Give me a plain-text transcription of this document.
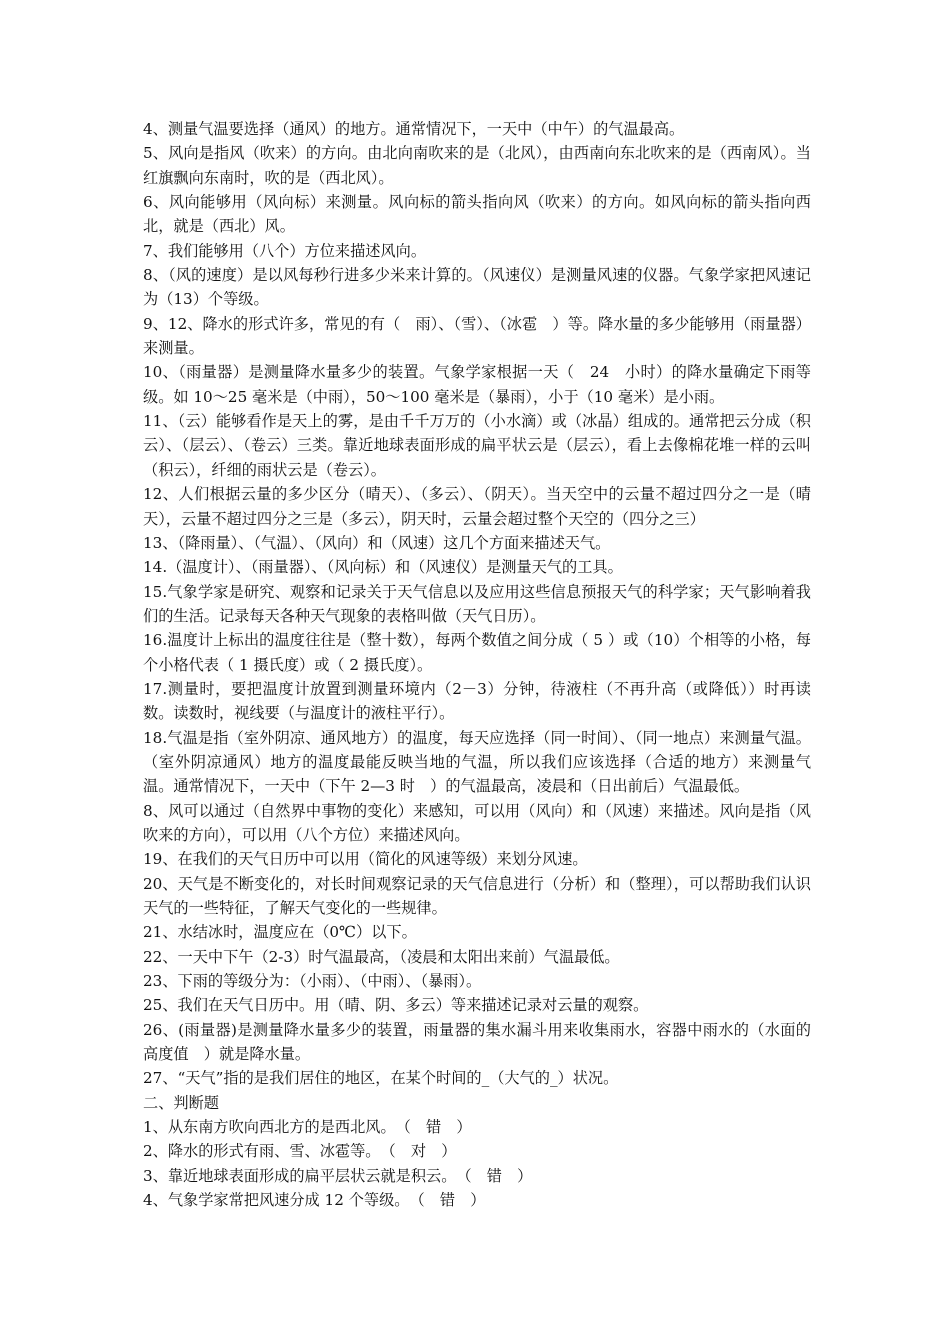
4、测量气温要选择（通风）的地方。通常情况下，一天中（中午）的气温最高。

5、风向是指风（吹来）的方向。由北向南吹来的是（北风），由西南向东北吹来的是（西南风）。当红旗飘向东南时，吹的是（西北风）。

6、风向能够用（风向标）来测量。风向标的箭头指向风（吹来）的方向。如风向标的箭头指向西北，就是（西北）风。

7、我们能够用（八个）方位来描述风向。

8、（风的速度）是以风每秒行进多少米来计算的。（风速仪）是测量风速的仪器。气象学家把风速记为（13）个等级。

9、12、降水的形式许多，常见的有（　雨）、（雪）、（冰雹　）等。降水量的多少能够用（雨量器）来测量。

10、（雨量器）是测量降水量多少的装置。气象学家根据一天（　24　小时）的降水量确定下雨等级。如 10～25 毫米是（中雨），50～100 毫米是（暴雨），小于（10 毫米）是小雨。

11、（云）能够看作是天上的雾，是由千千万万的（小水滴）或（冰晶）组成的。通常把云分成（积云）、（层云）、（卷云）三类。靠近地球表面形成的扁平状云是（层云），看上去像棉花堆一样的云叫（积云），纤细的雨状云是（卷云）。

12、人们根据云量的多少区分（晴天）、（多云）、（阴天）。当天空中的云量不超过四分之一是（晴天），云量不超过四分之三是（多云），阴天时，云量会超过整个天空的（四分之三）

13、（降雨量）、（气温）、（风向）和（风速）这几个方面来描述天气。

14.（温度计）、（雨量器）、（风向标）和（风速仪）是测量天气的工具。

15.气象学家是研究、观察和记录关于天气信息以及应用这些信息预报天气的科学家；天气影响着我们的生活。记录每天各种天气现象的表格叫做（天气日历）。

16.温度计上标出的温度往往是（整十数），每两个数值之间分成（ 5 ）或（10）个相等的小格，每个小格代表（ 1 摄氏度）或（ 2 摄氏度）。

17.测量时，要把温度计放置到测量环境内（2－3）分钟，待液柱（不再升高（或降低））时再读数。读数时，视线要（与温度计的液柱平行）。

18.气温是指（室外阴凉、通风地方）的温度，每天应选择（同一时间）、（同一地点）来测量气温。（室外阴凉通风）地方的温度最能反映当地的气温，所以我们应该选择（合适的地方）来测量气温。通常情况下，一天中（下午 2—3 时　）的气温最高，凌晨和（日出前后）气温最低。

8、风可以通过（自然界中事物的变化）来感知，可以用（风向）和（风速）来描述。风向是指（风吹来的方向），可以用（八个方位）来描述风向。

19、在我们的天气日历中可以用（简化的风速等级）来划分风速。

20、天气是不断变化的，对长时间观察记录的天气信息进行（分析）和（整理），可以帮助我们认识天气的一些特征，了解天气变化的一些规律。

21、水结冰时，温度应在（0℃）以下。

22、一天中下午（2-3）时气温最高，（凌晨和太阳出来前）气温最低。

23、下雨的等级分为：（小雨）、（中雨）、（暴雨）。

25、我们在天气日历中。用（晴、阴、多云）等来描述记录对云量的观察。

26、(雨量器)是测量降水量多少的装置，雨量器的集水漏斗用来收集雨水，容器中雨水的（水面的高度值　）就是降水量。

27、“天气”指的是我们居住的地区，在某个时间的_（大气的_）状况。

二、判断题

1、从东南方吹向西北方的是西北风。　（　错　）

2、降水的形式有雨、雪、冰雹等。　（　对　）

3、靠近地球表面形成的扁平层状云就是积云。　（　错　）

4、气象学家常把风速分成 12 个等级。　（　错　）
